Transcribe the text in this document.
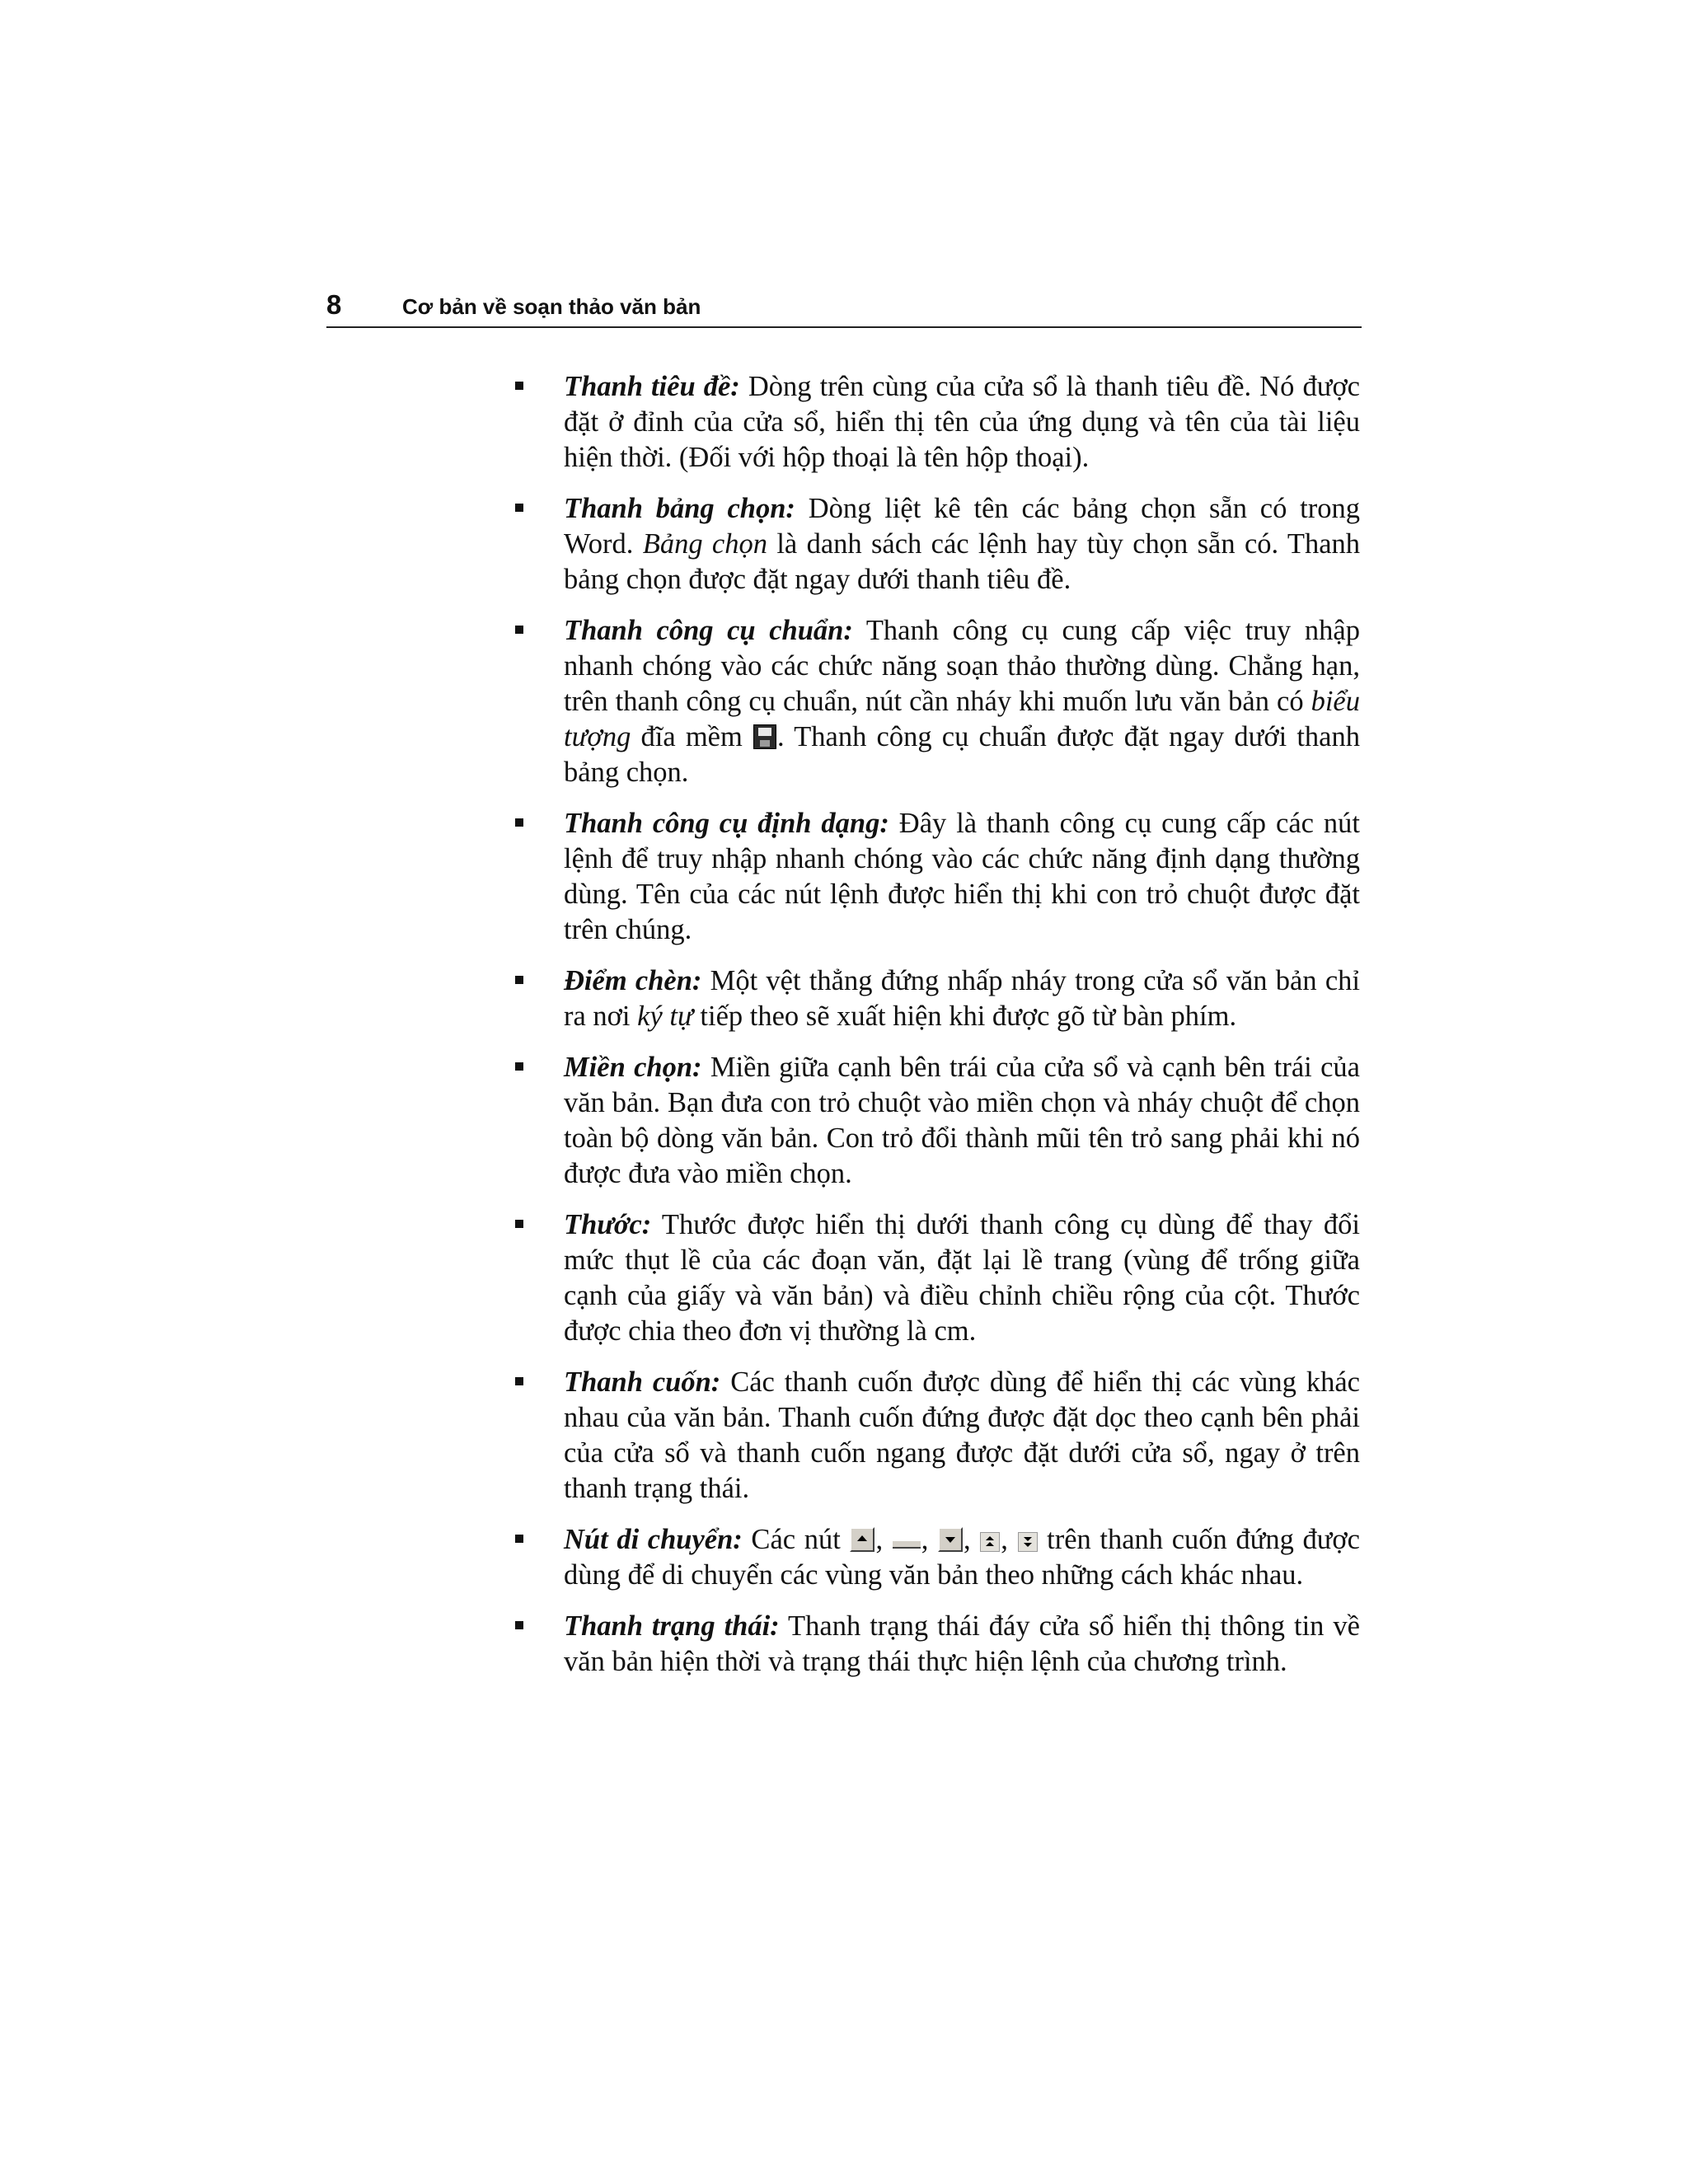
8	Cơ bản về soạn thảo văn bản
Thanh tiêu đề: Dòng trên cùng của cửa sổ là thanh tiêu đề. Nó được đặt ở đỉnh của cửa sổ, hiển thị tên của ứng dụng và tên của tài liệu hiện thời. (Đối với hộp thoại là tên hộp thoại).
Thanh bảng chọn: Dòng liệt kê tên các bảng chọn sẵn có trong Word. Bảng chọn là danh sách các lệnh hay tùy chọn sẵn có. Thanh bảng chọn được đặt ngay dưới thanh tiêu đề.
Thanh công cụ chuẩn: Thanh công cụ cung cấp việc truy nhập nhanh chóng vào các chức năng soạn thảo thường dùng. Chẳng hạn, trên thanh công cụ chuẩn, nút cần nháy khi muốn lưu văn bản có biểu tượng đĩa mềm . Thanh công cụ chuẩn được đặt ngay dưới thanh bảng chọn.
Thanh công cụ định dạng: Đây là thanh công cụ cung cấp các nút lệnh để truy nhập nhanh chóng vào các chức năng định dạng thường dùng. Tên của các nút lệnh được hiển thị khi con trỏ chuột được đặt trên chúng.
Điểm chèn: Một vệt thẳng đứng nhấp nháy trong cửa sổ văn bản chỉ ra nơi ký tự tiếp theo sẽ xuất hiện khi được gõ từ bàn phím.
Miền chọn: Miền giữa cạnh bên trái của cửa sổ và cạnh bên trái của văn bản. Bạn đưa con trỏ chuột vào miền chọn và nháy chuột để chọn toàn bộ dòng văn bản. Con trỏ đổi thành mũi tên trỏ sang phải khi nó được đưa vào miền chọn.
Thước: Thước được hiển thị dưới thanh công cụ dùng để thay đổi mức thụt lề của các đoạn văn, đặt lại lề trang (vùng để trống giữa cạnh của giấy và văn bản) và điều chỉnh chiều rộng của cột. Thước được chia theo đơn vị thường là cm.
Thanh cuốn: Các thanh cuốn được dùng để hiển thị các vùng khác nhau của văn bản. Thanh cuốn đứng được đặt dọc theo cạnh bên phải của cửa sổ và thanh cuốn ngang được đặt dưới cửa sổ, ngay ở trên thanh trạng thái.
Nút di chuyển: Các nút , , , ,  trên thanh cuốn đứng được dùng để di chuyển các vùng văn bản theo những cách khác nhau.
Thanh trạng thái: Thanh trạng thái đáy cửa sổ hiển thị thông tin về văn bản hiện thời và trạng thái thực hiện lệnh của chương trình.
